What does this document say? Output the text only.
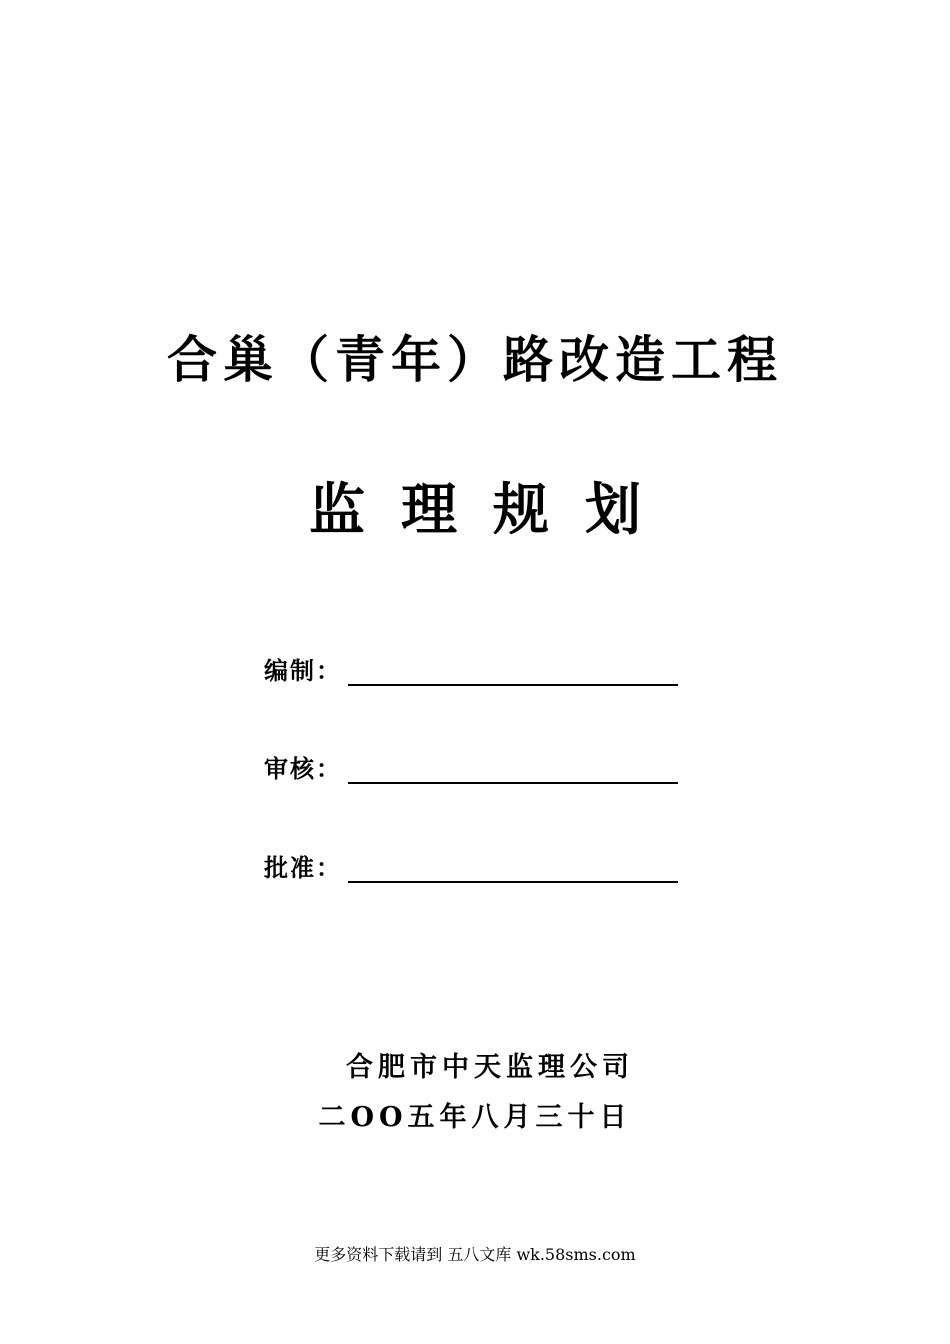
合巢（青年）路改造工程
监理规划
编制：
审核：
批准：
合肥市中天监理公司
二OO五年八月三十日
更多资料下载请到 五八文库 wk.58sms.com
